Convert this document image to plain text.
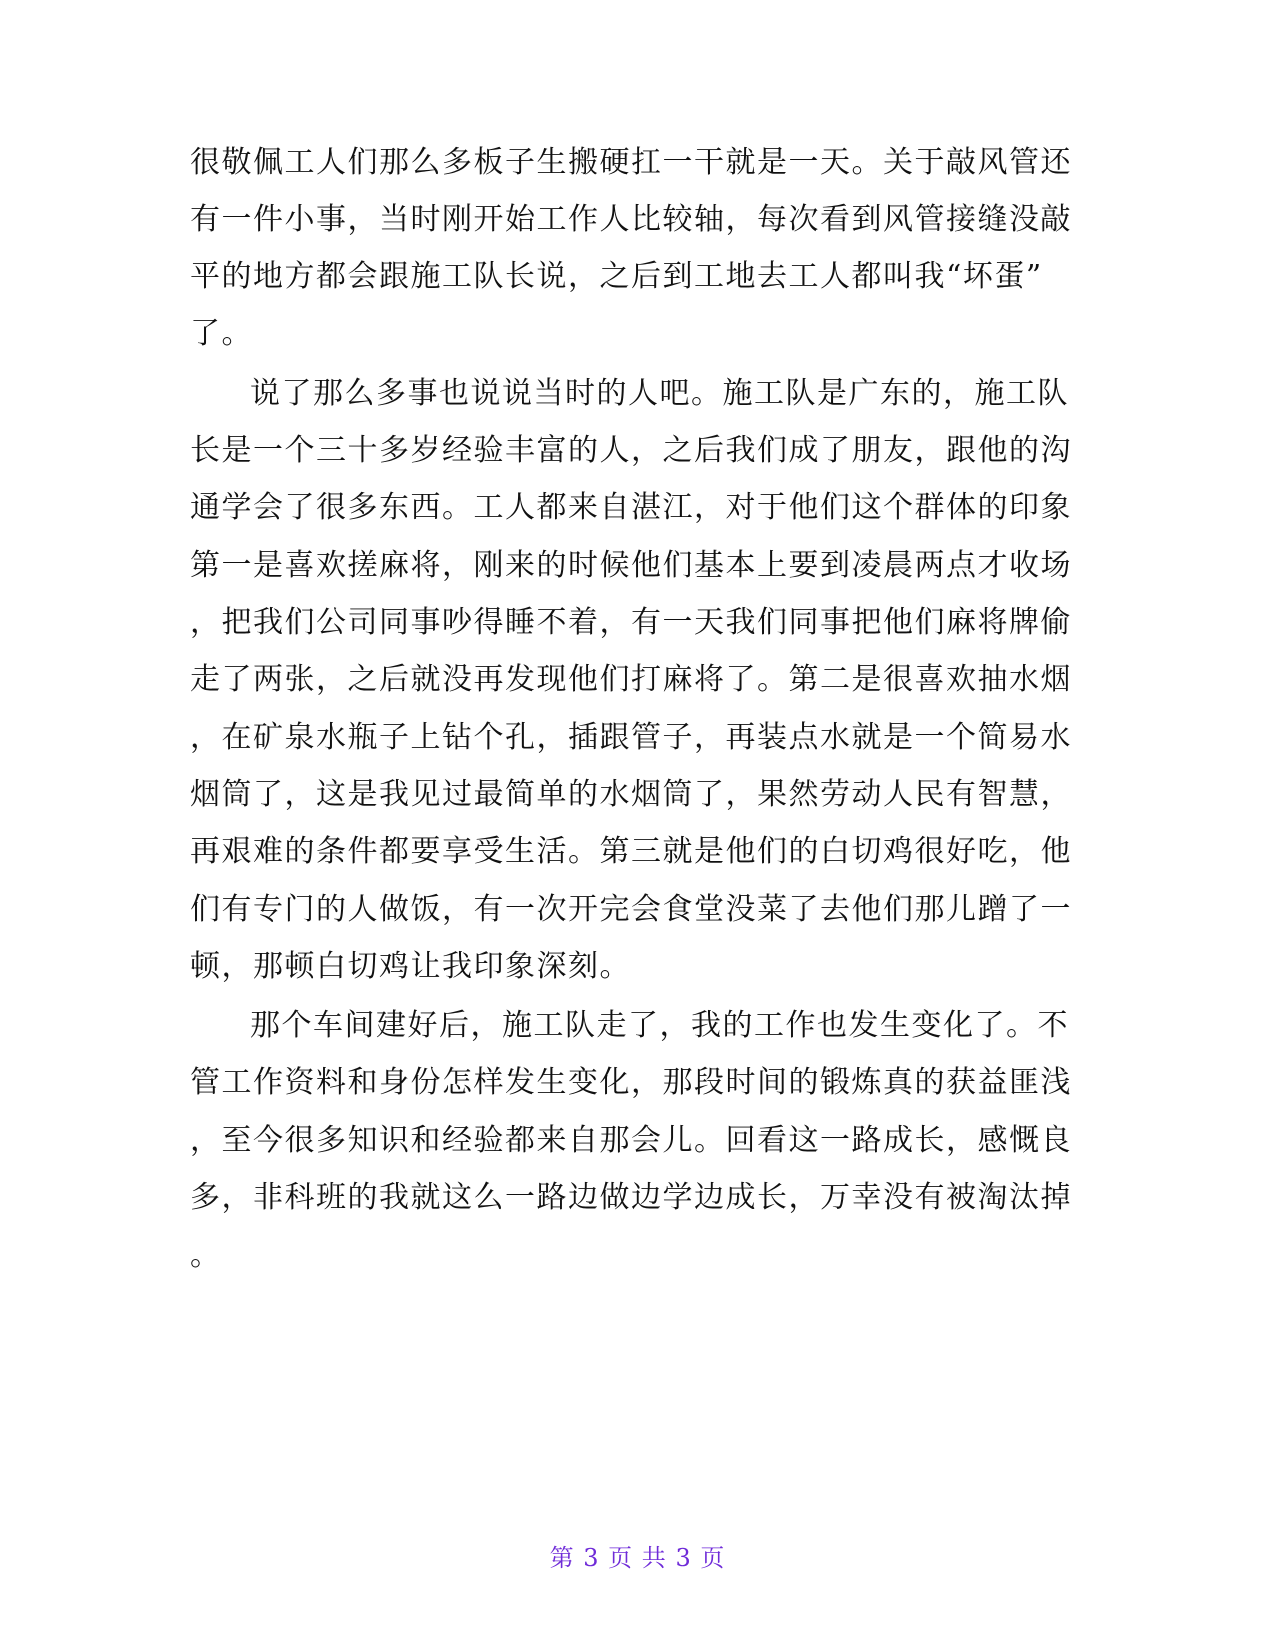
很敬佩工人们那么多板子生搬硬扛一干就是一天。关于敲风管还
有一件小事，当时刚开始工作人比较轴，每次看到风管接缝没敲
平的地方都会跟施工队长说，之后到工地去工人都叫我“坏蛋”
了。
说了那么多事也说说当时的人吧。施工队是广东的，施工队
长是一个三十多岁经验丰富的人，之后我们成了朋友，跟他的沟
通学会了很多东西。工人都来自湛江，对于他们这个群体的印象
第一是喜欢搓麻将，刚来的时候他们基本上要到凌晨两点才收场
，把我们公司同事吵得睡不着，有一天我们同事把他们麻将牌偷
走了两张，之后就没再发现他们打麻将了。第二是很喜欢抽水烟
，在矿泉水瓶子上钻个孔，插跟管子，再装点水就是一个简易水
烟筒了，这是我见过最简单的水烟筒了，果然劳动人民有智慧，
再艰难的条件都要享受生活。第三就是他们的白切鸡很好吃，他
们有专门的人做饭，有一次开完会食堂没菜了去他们那儿蹭了一
顿，那顿白切鸡让我印象深刻。
那个车间建好后，施工队走了，我的工作也发生变化了。不
管工作资料和身份怎样发生变化，那段时间的锻炼真的获益匪浅
，至今很多知识和经验都来自那会儿。回看这一路成长，感慨良
多，非科班的我就这么一路边做边学边成长，万幸没有被淘汰掉
。
第 3 页 共 3 页
